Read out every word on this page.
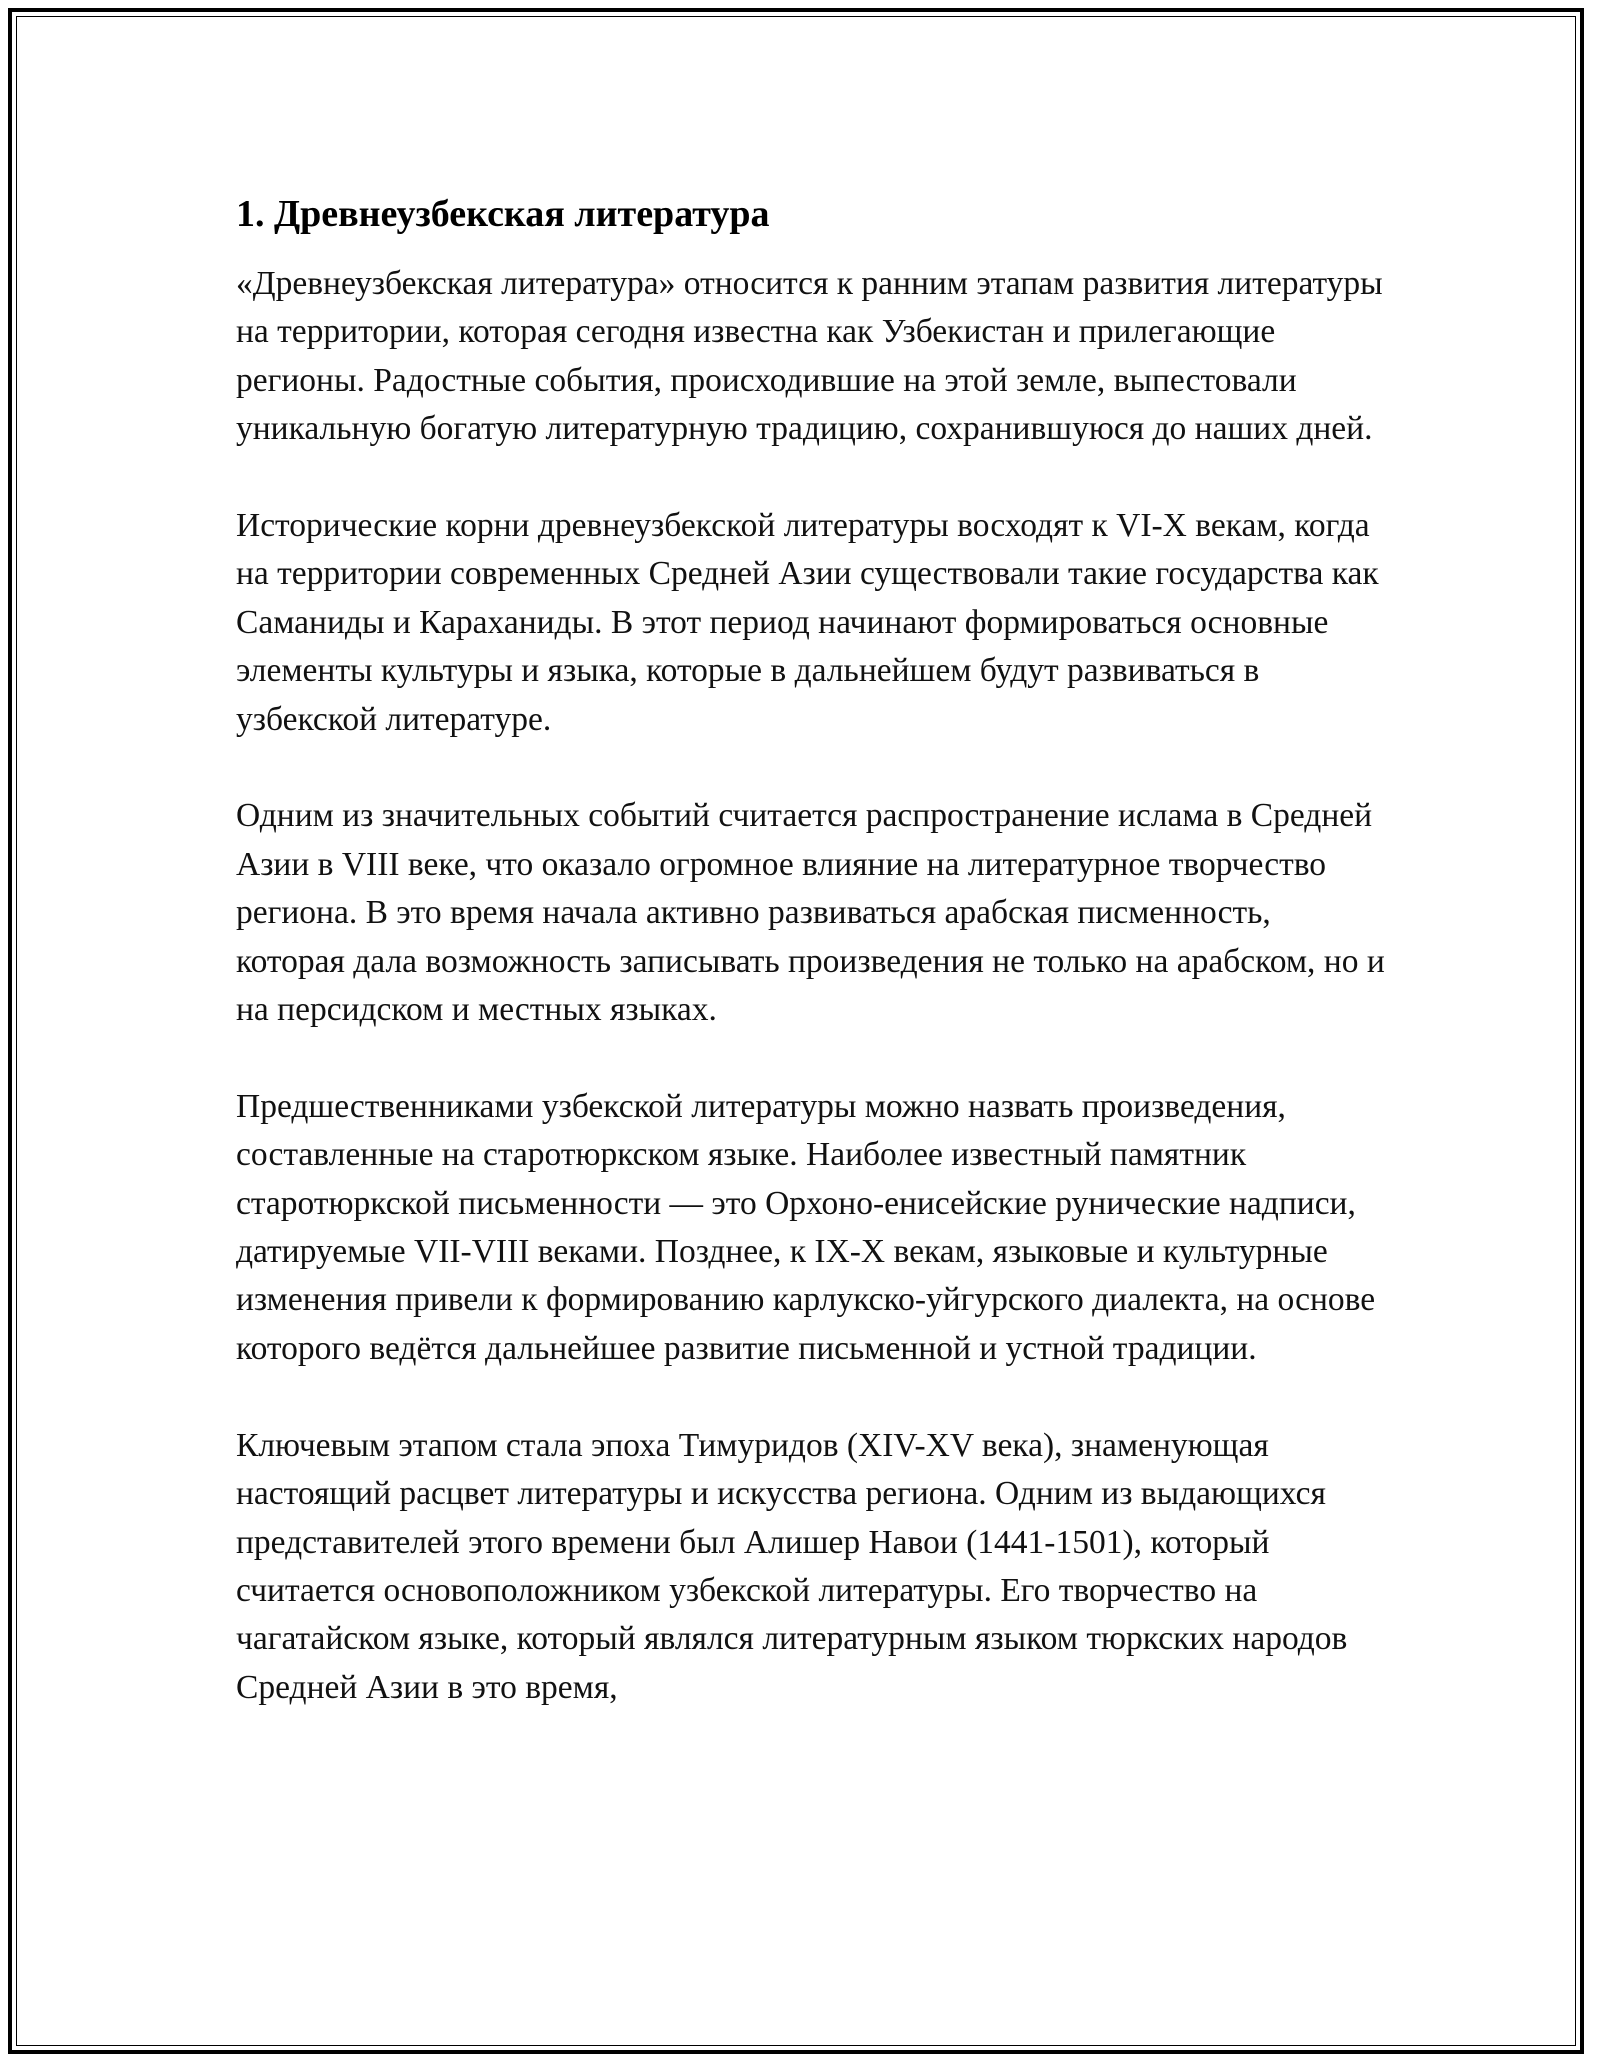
1. Древнеузбекская литература

«Древнеузбекская литература» относится к ранним этапам развития литературы на территории, которая сегодня известна как Узбекистан и прилегающие регионы. Радостные события, происходившие на этой земле, выпестовали уникальную богатую литературную традицию, сохранившуюся до наших дней.

Исторические корни древнеузбекской литературы восходят к VI-X векам, когда на территории современных Средней Азии существовали такие государства как Саманиды и Караханиды. В этот период начинают формироваться основные элементы культуры и языка, которые в дальнейшем будут развиваться в узбекской литературе.

Одним из значительных событий считается распространение ислама в Средней Азии в VIII веке, что оказало огромное влияние на литературное творчество региона. В это время начала активно развиваться арабская писменность, которая дала возможность записывать произведения не только на арабском, но и на персидском и местных языках.

Предшественниками узбекской литературы можно назвать произведения, составленные на старотюркском языке. Наиболее известный памятник старотюркской письменности — это Орхоно-енисейские рунические надписи, датируемые VII-VIII веками. Позднее, к IX-X векам, языковые и культурные изменения привели к формированию карлукско-уйгурского диалекта, на основе которого ведётся дальнейшее развитие письменной и устной традиции.

Ключевым этапом стала эпоха Тимуридов (XIV-XV века), знаменующая настоящий расцвет литературы и искусства региона. Одним из выдающихся представителей этого времени был Алишер Навои (1441-1501), который считается основоположником узбекской литературы. Его творчество на чагатайском языке, который являлся литературным языком тюркских народов Средней Азии в это время,
